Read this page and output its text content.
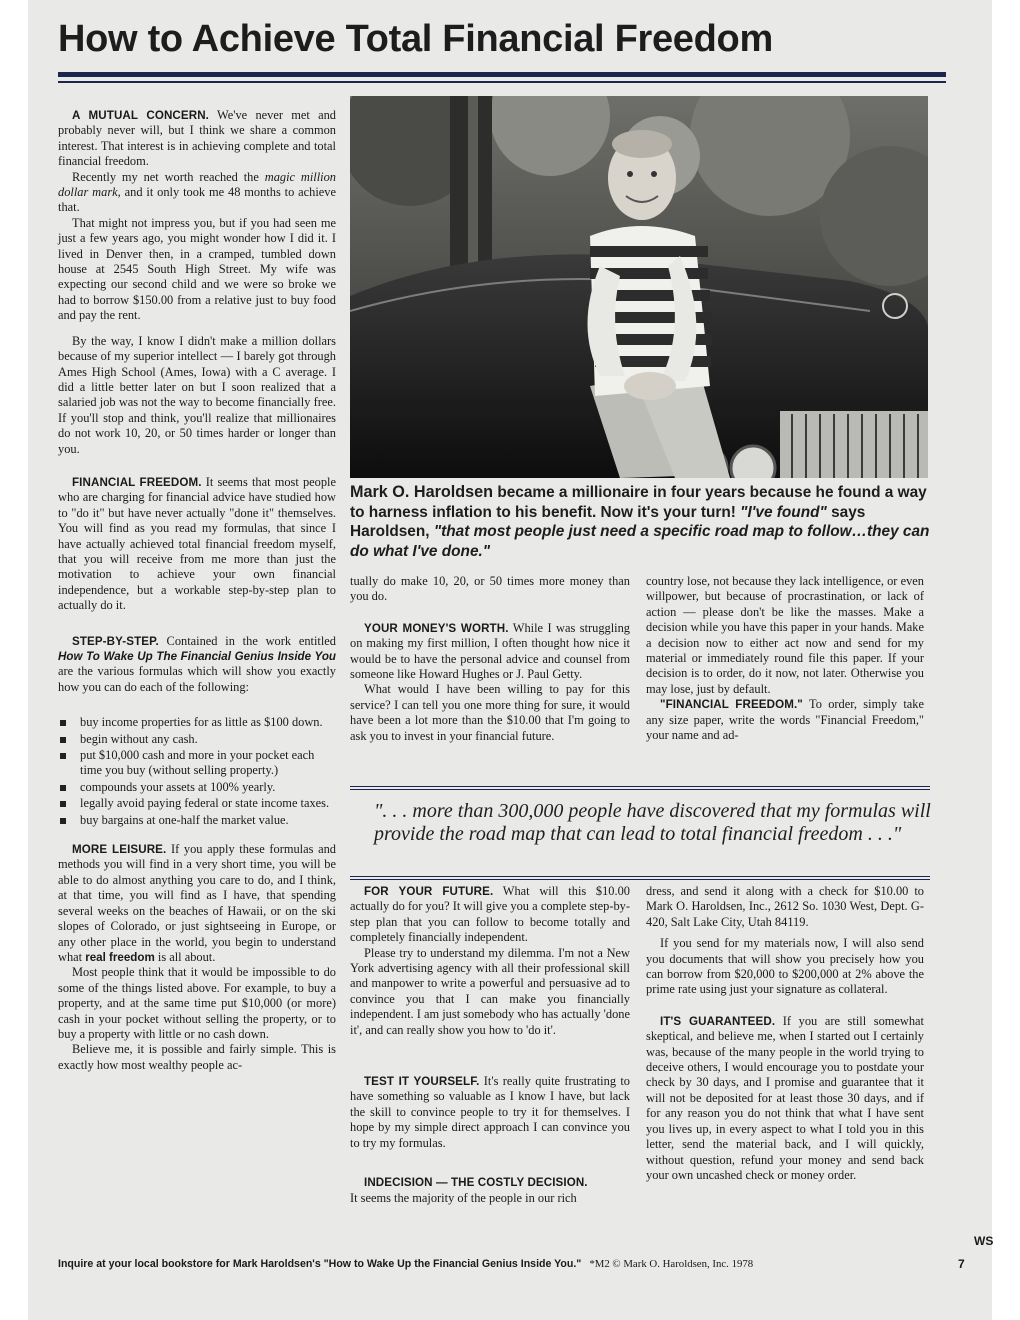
How to Achieve Total Financial Freedom

A MUTUAL CONCERN. We've never met and probably never will, but I think we share a common interest. That interest is in achieving complete and total financial freedom.

Recently my net worth reached the magic million dollar mark, and it only took me 48 months to achieve that.

That might not impress you, but if you had seen me just a few years ago, you might wonder how I did it. I lived in Denver then, in a cramped, tumbled down house at 2545 South High Street. My wife was expecting our second child and we were so broke we had to borrow $150.00 from a relative just to buy food and pay the rent.

By the way, I know I didn't make a million dollars because of my superior intellect — I barely got through Ames High School (Ames, Iowa) with a C average. I did a little better later on but I soon realized that a salaried job was not the way to become financially free. If you'll stop and think, you'll realize that millionaires do not work 10, 20, or 50 times harder or longer than you.

FINANCIAL FREEDOM. It seems that most people who are charging for financial advice have studied how to "do it" but have never actually "done it" themselves. You will find as you read my formulas, that since I have actually achieved total financial freedom myself, that you will receive from me more than just the motivation to achieve your own financial independence, but a workable step-by-step plan to actually do it.

STEP-BY-STEP. Contained in the work entitled How To Wake Up The Financial Genius Inside You are the various formulas which will show you exactly how you can do each of the following:

buy income properties for as little as $100 down.
begin without any cash.
put $10,000 cash and more in your pocket each time you buy (without selling property.)
compounds your assets at 100% yearly.
legally avoid paying federal or state income taxes.
buy bargains at one-half the market value.

MORE LEISURE. If you apply these formulas and methods you will find in a very short time, you will be able to do almost anything you care to do, and I think, at that time, you will find as I have, that spending several weeks on the beaches of Hawaii, or on the ski slopes of Colorado, or just sightseeing in Europe, or any other place in the world, you begin to understand what real freedom is all about.

Most people think that it would be impossible to do some of the things listed above. For example, to buy a property, and at the same time put $10,000 (or more) cash in your pocket without selling the property, or to buy a property with little or no cash down.

Believe me, it is possible and fairly simple. This is exactly how most wealthy people ac-

Mark O. Haroldsen became a millionaire in four years because he found a way to harness inflation to his benefit. Now it's your turn! "I've found" says Haroldsen, "that most people just need a specific road map to follow…they can do what I've done."

tually do make 10, 20, or 50 times more money than you do.

YOUR MONEY'S WORTH. While I was struggling on making my first million, I often thought how nice it would be to have the personal advice and counsel from someone like Howard Hughes or J. Paul Getty.

What would I have been willing to pay for this service? I can tell you one more thing for sure, it would have been a lot more than the $10.00 that I'm going to ask you to invest in your financial future.

country lose, not because they lack intelligence, or even willpower, but because of procrastination, or lack of action — please don't be like the masses. Make a decision while you have this paper in your hands. Make a decision now to either act now and send for my material or immediately round file this paper. If your decision is to order, do it now, not later. Otherwise you may lose, just by default.

"FINANCIAL FREEDOM." To order, simply take any size paper, write the words "Financial Freedom," your name and ad-

". . . more than 300,000 people have discovered that my formulas will provide the road map that can lead to total financial freedom . . ."

FOR YOUR FUTURE. What will this $10.00 actually do for you? It will give you a complete step-by-step plan that you can follow to become totally and completely financially independent.

Please try to understand my dilemma. I'm not a New York advertising agency with all their professional skill and manpower to write a powerful and persuasive ad to convince you that I can make you financially independent. I am just somebody who has actually 'done it', and can really show you how to 'do it'.

TEST IT YOURSELF. It's really quite frustrating to have something so valuable as I know I have, but lack the skill to convince people to try it for themselves. I hope by my simple direct approach I can convince you to try my formulas.

INDECISION — THE COSTLY DECISION.

It seems the majority of the people in our rich

dress, and send it along with a check for $10.00 to Mark O. Haroldsen, Inc., 2612 So. 1030 West, Dept. G-420, Salt Lake City, Utah 84119.

If you send for my materials now, I will also send you documents that will show you precisely how you can borrow from $20,000 to $200,000 at 2% above the prime rate using just your signature as collateral.

IT'S GUARANTEED. If you are still somewhat skeptical, and believe me, when I started out I certainly was, because of the many people in the world trying to deceive others, I would encourage you to postdate your check by 30 days, and I promise and guarantee that it will not be deposited for at least those 30 days, and if for any reason you do not think that what I have sent you lives up, in every aspect to what I told you in this letter, send the material back, and I will quickly, without question, refund your money and send back your own uncashed check or money order.

Inquire at your local bookstore for Mark Haroldsen's "How to Wake Up the Financial Genius Inside You." *M2 © Mark O. Haroldsen, Inc. 1978
WS
7
